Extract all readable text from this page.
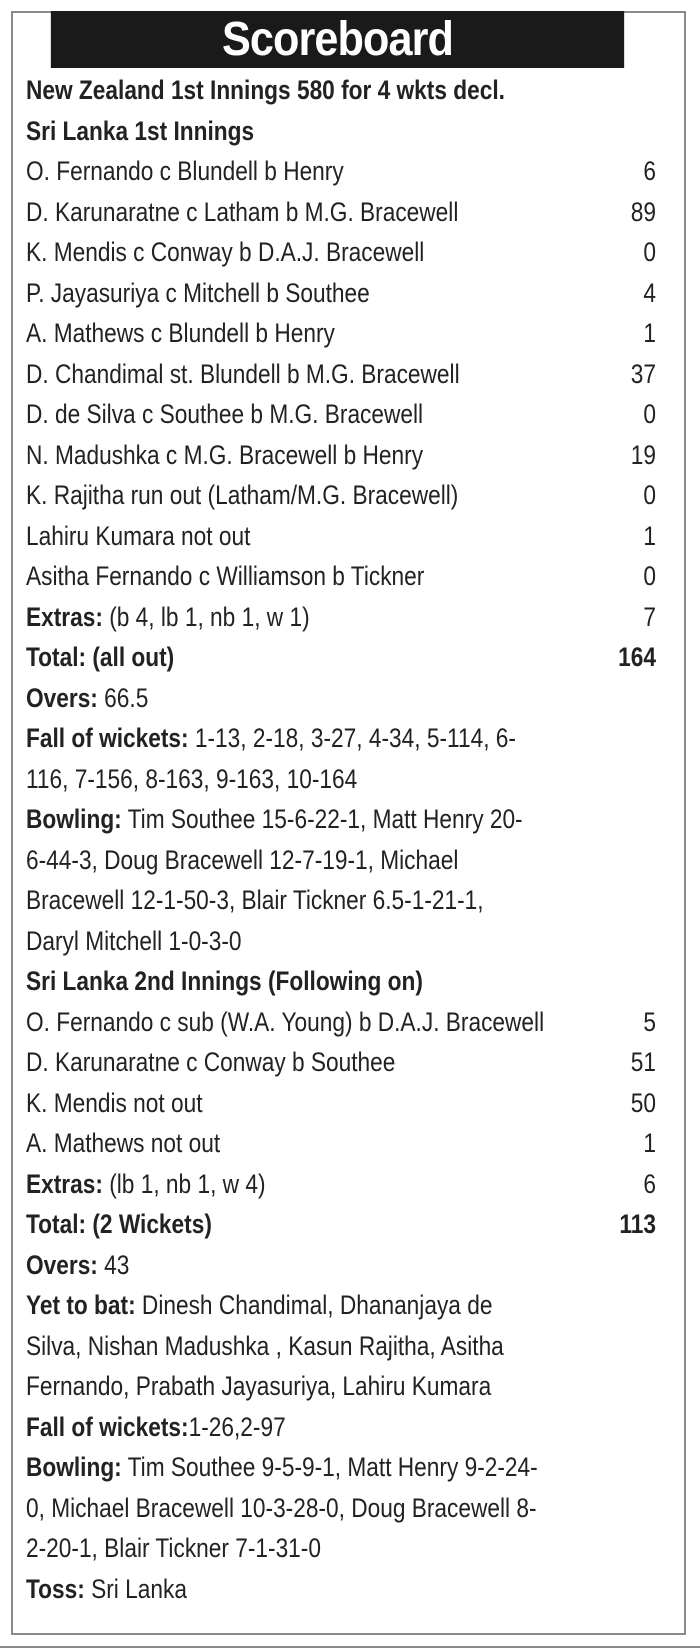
Scoreboard
New Zealand 1st Innings 580 for 4 wkts decl.
Sri Lanka 1st Innings
O. Fernando c Blundell b Henry	6
D. Karunaratne c Latham b M.G. Bracewell	89
K. Mendis c Conway b D.A.J. Bracewell	0
P. Jayasuriya c Mitchell b Southee	4
A. Mathews c Blundell b Henry	1
D. Chandimal st. Blundell b M.G. Bracewell	37
D. de Silva c Southee b M.G. Bracewell	0
N. Madushka c M.G. Bracewell b Henry	19
K. Rajitha run out (Latham/M.G. Bracewell)	0
Lahiru Kumara not out	1
Asitha Fernando c Williamson b Tickner	0
Extras: (b 4, lb 1, nb 1, w 1)	7
Total: (all out)	164
Overs: 66.5
Fall of wickets: 1-13, 2-18, 3-27, 4-34, 5-114, 6-
116, 7-156, 8-163, 9-163, 10-164
Bowling: Tim Southee 15-6-22-1, Matt Henry 20-
6-44-3, Doug Bracewell 12-7-19-1, Michael
Bracewell 12-1-50-3, Blair Tickner 6.5-1-21-1,
Daryl Mitchell 1-0-3-0
Sri Lanka 2nd Innings (Following on)
O. Fernando c sub (W.A. Young) b D.A.J. Bracewell	5
D. Karunaratne c Conway b Southee	51
K. Mendis not out	50
A. Mathews not out	1
Extras: (lb 1, nb 1, w 4)	6
Total: (2 Wickets)	113
Overs: 43
Yet to bat: Dinesh Chandimal, Dhananjaya de
Silva, Nishan Madushka , Kasun Rajitha, Asitha
Fernando, Prabath Jayasuriya, Lahiru Kumara
Fall of wickets:1-26,2-97
Bowling: Tim Southee 9-5-9-1, Matt Henry 9-2-24-
0, Michael Bracewell 10-3-28-0, Doug Bracewell 8-
2-20-1, Blair Tickner 7-1-31-0
Toss: Sri Lanka
